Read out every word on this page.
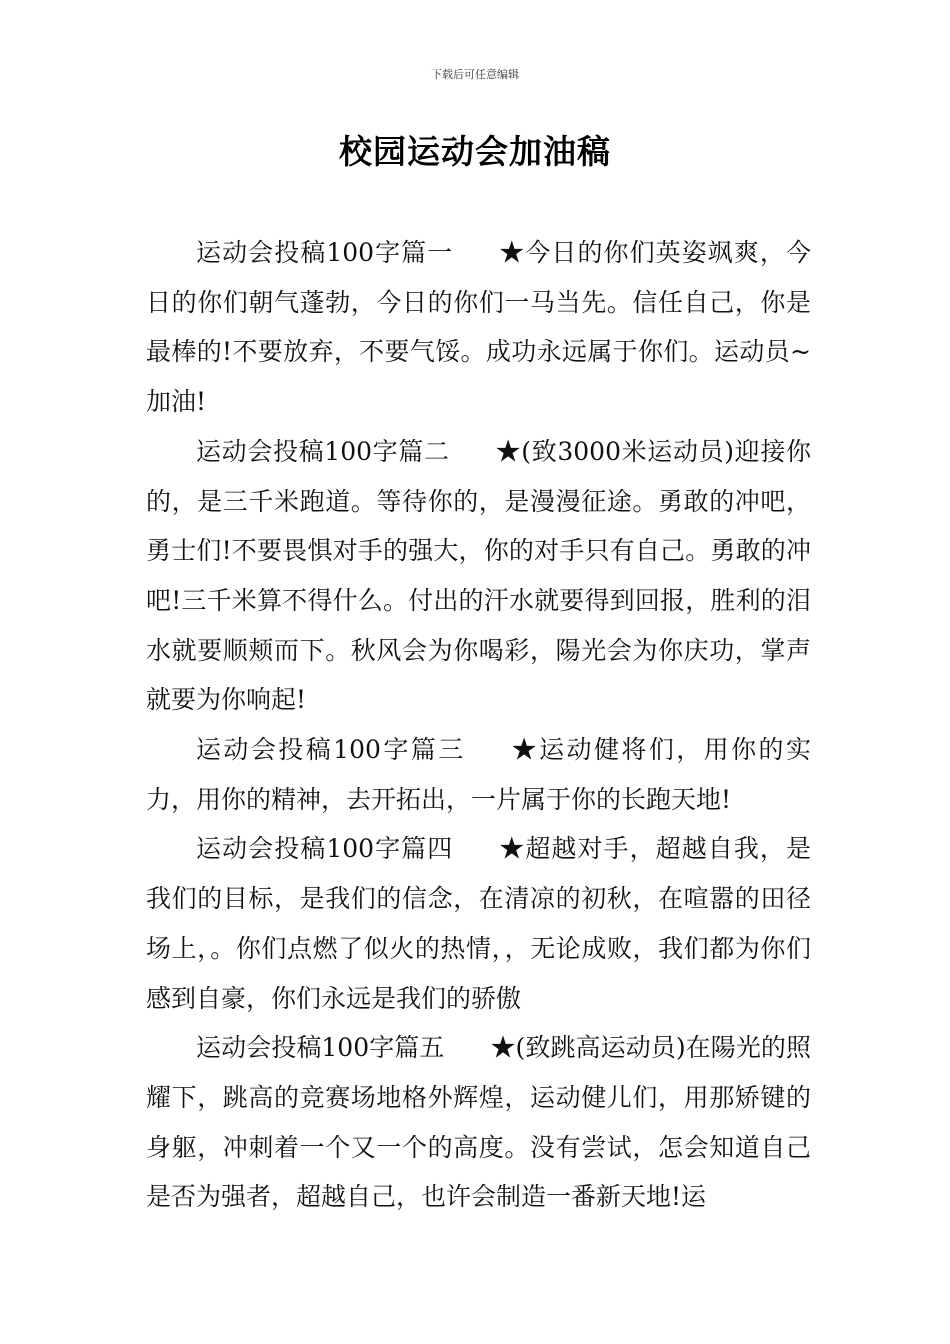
下载后可任意编辑
校园运动会加油稿

运动会投稿100字篇一 ★今日的你们英姿飒爽，今日的你们朝气蓬勃，今日的你们一马当先。信任自己，你是最棒的!不要放弃，不要气馁。成功永远属于你们。运动员~加油!

运动会投稿100字篇二 ★(致3000米运动员)迎接你的，是三千米跑道。等待你的，是漫漫征途。勇敢的冲吧，勇士们!不要畏惧对手的强大，你的对手只有自己。勇敢的冲吧!三千米算不得什么。付出的汗水就要得到回报，胜利的泪水就要顺颊而下。秋风会为你喝彩，陽光会为你庆功，掌声就要为你响起!

运动会投稿100字篇三 ★运动健将们，用你的实力，用你的精神，去开拓出，一片属于你的长跑天地!

运动会投稿100字篇四 ★超越对手，超越自我，是我们的目标，是我们的信念，在清凉的初秋，在喧嚣的田径场上，。你们点燃了似火的热情，，无论成败，我们都为你们感到自豪，你们永远是我们的骄傲

运动会投稿100字篇五 ★(致跳高运动员)在陽光的照耀下，跳高的竞赛场地格外辉煌，运动健儿们，用那矫键的身躯，冲刺着一个又一个的高度。没有尝试，怎会知道自己是否为强者，超越自己，也许会制造一番新天地!运
